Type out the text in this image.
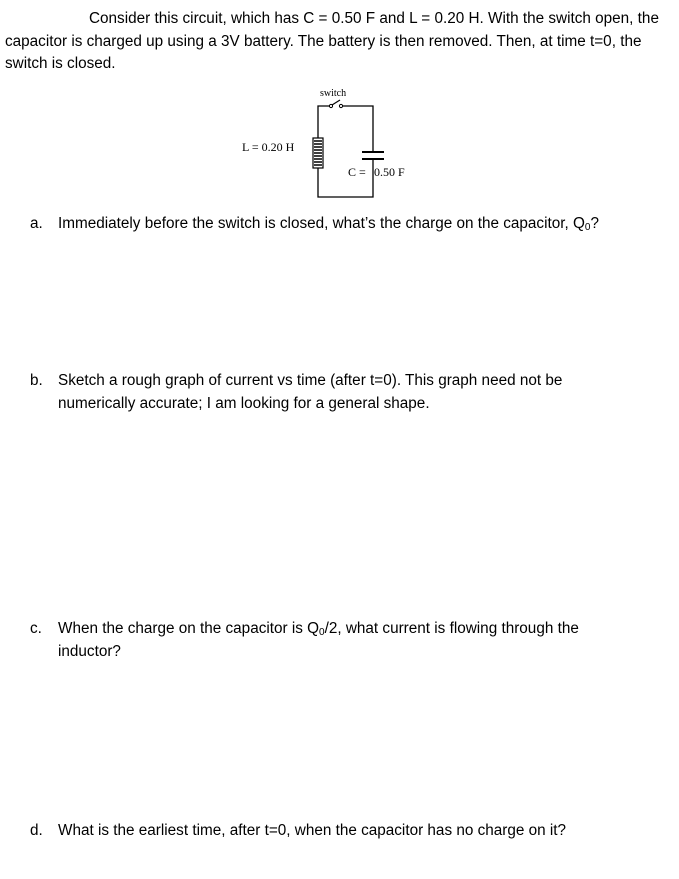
Consider this circuit, which has C = 0.50 F and L = 0.20 H. With the switch open, the capacitor is charged up using a 3V battery. The battery is then removed. Then, at time t=0, the switch is closed.

switch
L = 0.20 H
C = 0.50 F
a. Immediately before the switch is closed, what’s the charge on the capacitor, $Q_0$?
b. Sketch a rough graph of current vs time (after t=0). This graph need not be
numerically accurate; I am looking for a general shape.
c. When the charge on the capacitor is $Q_0/2$, what current is flowing through the
inductor?
d. What is the earliest time, after t=0, when the capacitor has no charge on it?
